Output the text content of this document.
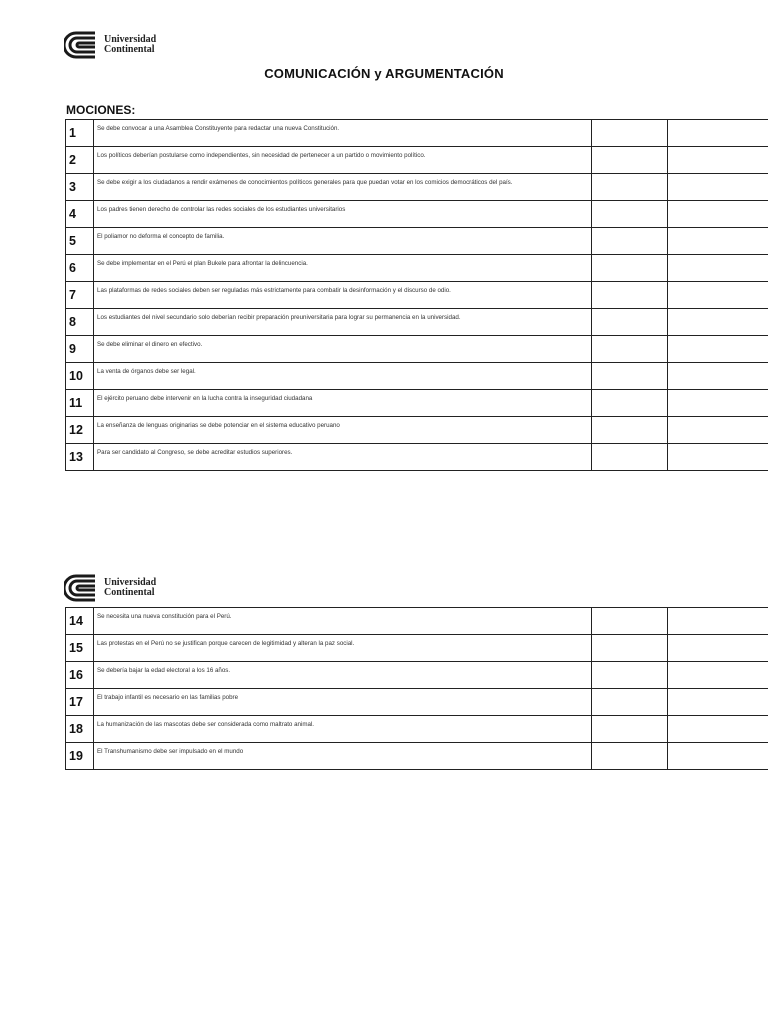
Universidad
Continental
COMUNICACIÓN y ARGUMENTACIÓN
MOCIONES:
1	Se debe convocar a una Asamblea Constituyente para redactar una nueva Constitución.		
2	Los políticos deberían postularse como independientes, sin necesidad de pertenecer a un partido o movimiento político.		
3	Se debe exigir a los ciudadanos a rendir exámenes de conocimientos políticos generales para que puedan votar en los comicios democráticos del país.		
4	Los padres tienen derecho de controlar las redes sociales de los estudiantes universitarios		
5	El poliamor no deforma el concepto de familia.		
6	Se debe implementar en el Perú el plan Bukele para afrontar la delincuencia.		
7	Las plataformas de redes sociales deben ser reguladas más estrictamente para combatir la desinformación y el discurso de odio.		
8	Los estudiantes del nivel secundario solo deberían recibir preparación preuniversitaria para lograr su permanencia en la universidad.		
9	Se debe eliminar el dinero en efectivo.		
10	La venta de órganos debe ser legal.		
11	El ejército peruano debe intervenir en la lucha contra la inseguridad ciudadana		
12	La enseñanza de lenguas originarias se debe potenciar en el sistema educativo peruano		
13	Para ser candidato al Congreso, se debe acreditar estudios superiores.		
Universidad
Continental
14	Se necesita una nueva constitución para el Perú.		
15	Las protestas en el Perú no se justifican porque carecen de legitimidad y alteran la paz social.		
16	Se debería bajar la edad electoral a los 16 años.		
17	El trabajo infantil es necesario en las familias pobre		
18	La humanización de las mascotas debe ser considerada como maltrato animal.		
19	El Transhumanismo debe ser impulsado en el mundo		
